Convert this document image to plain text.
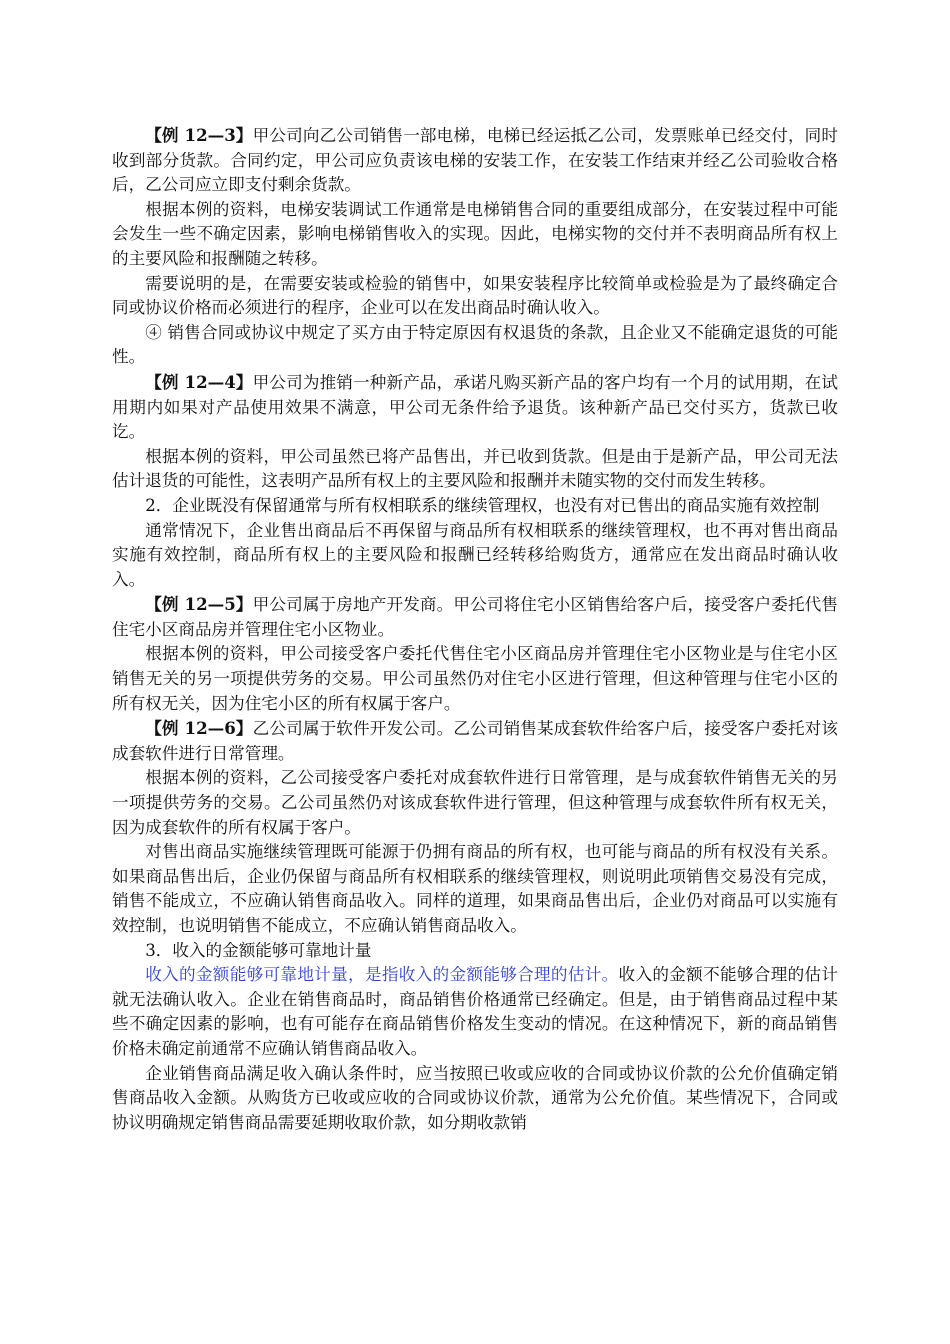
【例 12—3】甲公司向乙公司销售一部电梯，电梯已经运抵乙公司，发票账单已经交付，同时收到部分货款。合同约定，甲公司应负责该电梯的安装工作，在安装工作结束并经乙公司验收合格后，乙公司应立即支付剩余货款。

根据本例的资料，电梯安装调试工作通常是电梯销售合同的重要组成部分，在安装过程中可能会发生一些不确定因素，影响电梯销售收入的实现。因此，电梯实物的交付并不表明商品所有权上的主要风险和报酬随之转移。

需要说明的是，在需要安装或检验的销售中，如果安装程序比较简单或检验是为了最终确定合同或协议价格而必须进行的程序，企业可以在发出商品时确认收入。

④ 销售合同或协议中规定了买方由于特定原因有权退货的条款，且企业又不能确定退货的可能性。

【例 12—4】甲公司为推销一种新产品，承诺凡购买新产品的客户均有一个月的试用期，在试用期内如果对产品使用效果不满意，甲公司无条件给予退货。该种新产品已交付买方，货款已收讫。

根据本例的资料，甲公司虽然已将产品售出，并已收到货款。但是由于是新产品，甲公司无法估计退货的可能性，这表明产品所有权上的主要风险和报酬并未随实物的交付而发生转移。

2．企业既没有保留通常与所有权相联系的继续管理权，也没有对已售出的商品实施有效控制

通常情况下，企业售出商品后不再保留与商品所有权相联系的继续管理权，也不再对售出商品实施有效控制，商品所有权上的主要风险和报酬已经转移给购货方，通常应在发出商品时确认收入。

【例 12—5】甲公司属于房地产开发商。甲公司将住宅小区销售给客户后，接受客户委托代售住宅小区商品房并管理住宅小区物业。

根据本例的资料，甲公司接受客户委托代售住宅小区商品房并管理住宅小区物业是与住宅小区销售无关的另一项提供劳务的交易。甲公司虽然仍对住宅小区进行管理，但这种管理与住宅小区的所有权无关，因为住宅小区的所有权属于客户。

【例 12—6】乙公司属于软件开发公司。乙公司销售某成套软件给客户后，接受客户委托对该成套软件进行日常管理。

根据本例的资料，乙公司接受客户委托对成套软件进行日常管理，是与成套软件销售无关的另一项提供劳务的交易。乙公司虽然仍对该成套软件进行管理，但这种管理与成套软件所有权无关，因为成套软件的所有权属于客户。

对售出商品实施继续管理既可能源于仍拥有商品的所有权，也可能与商品的所有权没有关系。如果商品售出后，企业仍保留与商品所有权相联系的继续管理权，则说明此项销售交易没有完成，销售不能成立，不应确认销售商品收入。同样的道理，如果商品售出后，企业仍对商品可以实施有效控制，也说明销售不能成立，不应确认销售商品收入。

3．收入的金额能够可靠地计量

收入的金额能够可靠地计量，是指收入的金额能够合理的估计。收入的金额不能够合理的估计就无法确认收入。企业在销售商品时，商品销售价格通常已经确定。但是，由于销售商品过程中某些不确定因素的影响，也有可能存在商品销售价格发生变动的情况。在这种情况下，新的商品销售价格未确定前通常不应确认销售商品收入。

企业销售商品满足收入确认条件时，应当按照已收或应收的合同或协议价款的公允价值确定销售商品收入金额。从购货方已收或应收的合同或协议价款，通常为公允价值。某些情况下，合同或协议明确规定销售商品需要延期收取价款，如分期收款销
